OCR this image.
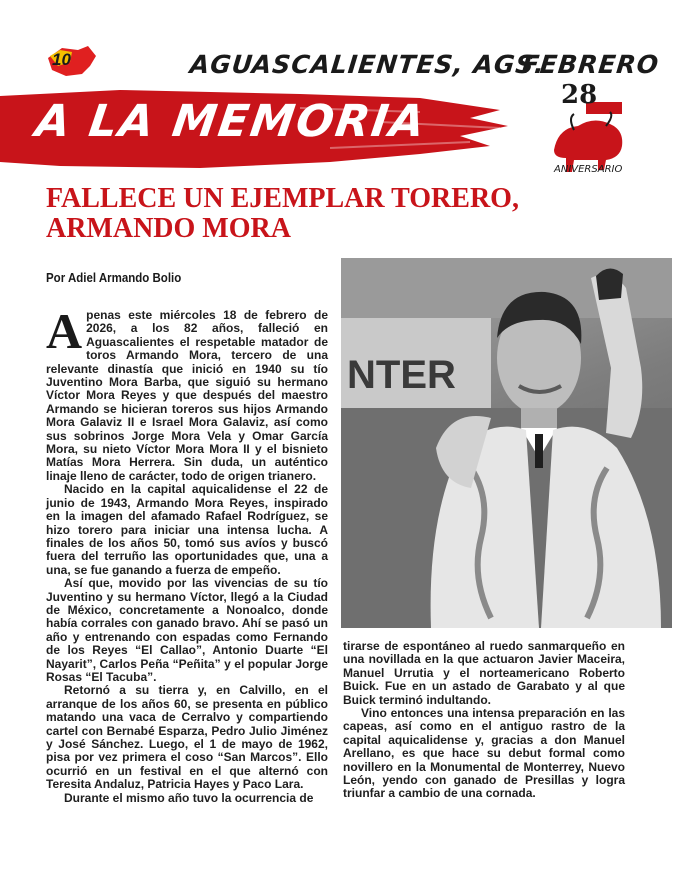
10	AGUASCALIENTES, AGS.
FEBRERO
A LA MEMORIA
28
ANIVERSARIO
FALLECE UN EJEMPLAR TORERO,
ARMANDO MORA
Por Adiel Armando Bolio
NTER

Apenas este miércoles 18 de febrero de 2026, a los 82 años, falleció en Aguascalientes el respetable matador de toros Armando Mora, tercero de una relevante dinastía que inició en 1940 su tío Juventino Mora Barba, que siguió su hermano Víctor Mora Reyes y que después del maestro Armando se hicieran toreros sus hijos Armando Mora Galaviz II e Israel Mora Galaviz, así como sus sobrinos Jorge Mora Vela y Omar García Mora, su nieto Víctor Mora Mora II y el bisnieto Matías Mora Herrera. Sin duda, un auténtico linaje lleno de carácter, todo de origen trianero.

Nacido en la capital aquicalidense el 22 de junio de 1943, Armando Mora Reyes, inspirado en la imagen del afamado Rafael Rodríguez, se hizo torero para iniciar una intensa lucha. A finales de los años 50, tomó sus avíos y buscó fuera del terruño las oportunidades que, una a una, se fue ganando a fuerza de empeño.

Así que, movido por las vivencias de su tío Juventino y su hermano Víctor, llegó a la Ciudad de México, concretamente a Nonoalco, donde había corrales con ganado bravo. Ahí se pasó un año y entrenando con espadas como Fernando de los Reyes “El Callao”, Antonio Duarte “El Nayarit”, Carlos Peña “Peñita” y el popular Jorge Rosas “El Tacuba”.

Retornó a su tierra y, en Calvillo, en el arranque de los años 60, se presenta en público matando una vaca de Cerralvo y compartiendo cartel con Bernabé Esparza, Pedro Julio Jiménez y José Sánchez. Luego, el 1 de mayo de 1962, pisa por vez primera el coso “San Marcos”. Ello ocurrió en un festival en el que alternó con Teresita Andaluz, Patricia Hayes y Paco Lara.

Durante el mismo año tuvo la ocurrencia de

tirarse de espontáneo al ruedo sanmarqueño en una novillada en la que actuaron Javier Maceira, Manuel Urrutia y el norteamericano Roberto Buick. Fue en un astado de Garabato y al que Buick terminó indultando.

Vino entonces una intensa preparación en las capeas, así como en el antiguo rastro de la capital aquicalidense y, gracias a don Manuel Arellano, es que hace su debut formal como novillero en la Monumental de Monterrey, Nuevo León, yendo con ganado de Presillas y logra triunfar a cambio de una cornada.
